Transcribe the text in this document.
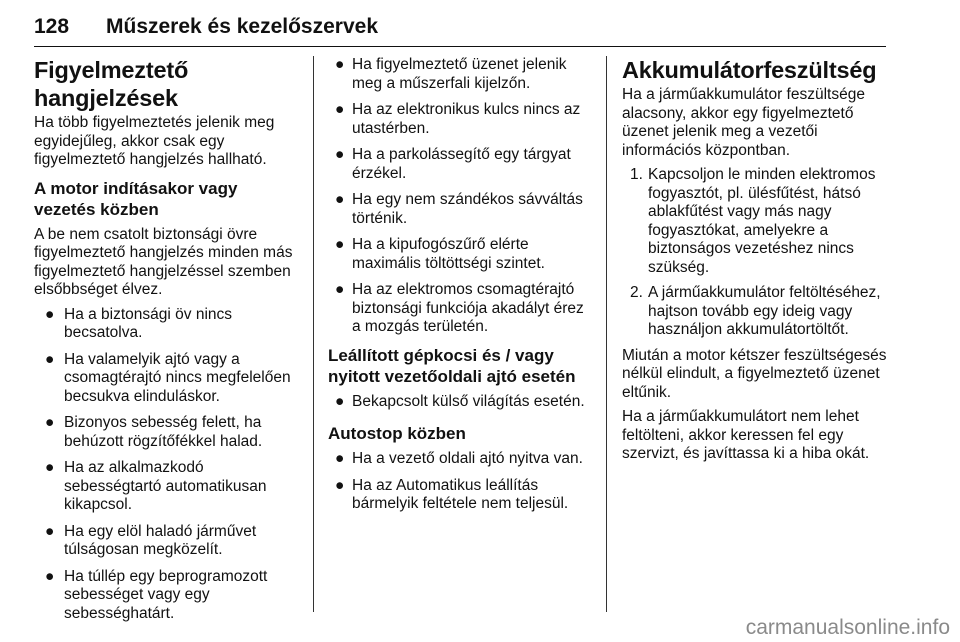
128	Műszerek és kezelőszervek
Figyelmeztető hangjelzések

Ha több figyelmeztetés jelenik meg egyidejűleg, akkor csak egy figyelmeztető hangjelzés hallható.

A motor indításakor vagy vezetés közben

A be nem csatolt biztonsági övre figyelmeztető hangjelzés minden más figyelmeztető hangjelzéssel szemben elsőbbséget élvez.

● Ha a biztonsági öv nincs becsatolva.
● Ha valamelyik ajtó vagy a csomagtérajtó nincs megfelelően becsukva elinduláskor.
● Bizonyos sebesség felett, ha behúzott rögzítőfékkel halad.
● Ha az alkalmazkodó sebességtartó automatikusan kikapcsol.
● Ha egy elöl haladó járművet túlságosan megközelít.
● Ha túllép egy beprogramozott sebességet vagy egy sebességhatárt.
● Ha figyelmeztető üzenet jelenik meg a műszerfali kijelzőn.
● Ha az elektronikus kulcs nincs az utastérben.
● Ha a parkolássegítő egy tárgyat érzékel.
● Ha egy nem szándékos sávváltás történik.
● Ha a kipufogószűrő elérte maximális töltöttségi szintet.
● Ha az elektromos csomagtérajtó biztonsági funkciója akadályt érez a mozgás területén.
Leállított gépkocsi és / vagy nyitott vezetőoldali ajtó esetén
● Bekapcsolt külső világítás esetén.
Autostop közben
● Ha a vezető oldali ajtó nyitva van.
● Ha az Automatikus leállítás bármelyik feltétele nem teljesül.
Akkumulátorfeszültség

Ha a járműakkumulátor feszültsége alacsony, akkor egy figyelmeztető üzenet jelenik meg a vezetői információs központban.

1. Kapcsoljon le minden elektromos fogyasztót, pl. ülésfűtést, hátsó ablakfűtést vagy más nagy fogyasztókat, amelyekre a biztonságos vezetéshez nincs szükség.
2. A járműakkumulátor feltöltéséhez, hajtson tovább egy ideig vagy használjon akkumulátortöltőt.

Miután a motor kétszer feszültségesés nélkül elindult, a figyelmeztető üzenet eltűnik.

Ha a járműakkumulátort nem lehet feltölteni, akkor keressen fel egy szervizt, és javíttassa ki a hiba okát.

carmanualsonline.info
